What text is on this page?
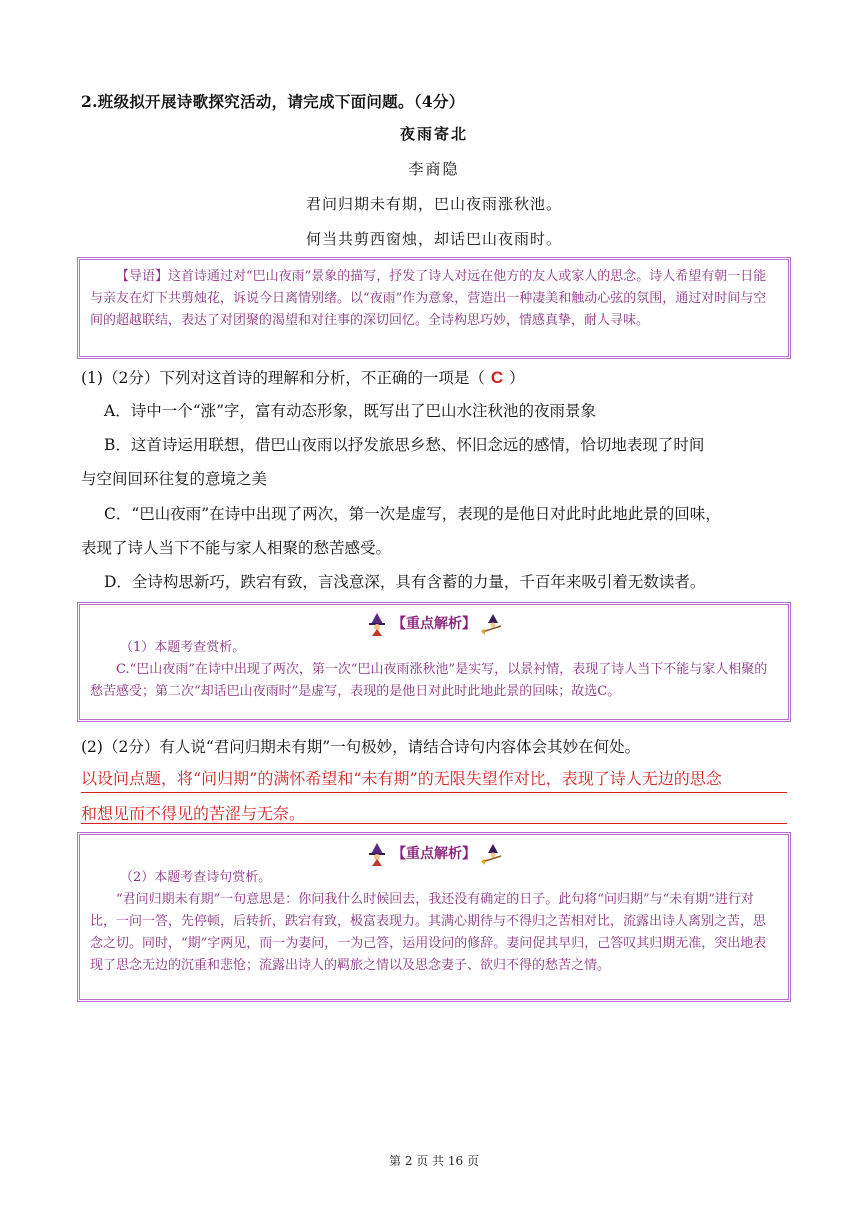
2.班级拟开展诗歌探究活动，请完成下面问题。（4分）
夜雨寄北
李商隐
君问归期未有期，巴山夜雨涨秋池。
何当共剪西窗烛，却话巴山夜雨时。
【导语】这首诗通过对“巴山夜雨”景象的描写，抒发了诗人对远在他方的友人或家人的思念。诗人希望有朝一日能与亲友在灯下共剪烛花，诉说今日离情别绪。以“夜雨”作为意象，营造出一种凄美和触动心弦的氛围，通过对时间与空间的超越联结，表达了对团聚的渴望和对往事的深切回忆。全诗构思巧妙，情感真挚，耐人寻味。
(1)（2分）下列对这首诗的理解和分析，不正确的一项是（ C ）
A．诗中一个“涨”字，富有动态形象，既写出了巴山水注秋池的夜雨景象
B．这首诗运用联想，借巴山夜雨以抒发旅思乡愁、怀旧念远的感情，恰切地表现了时间
与空间回环往复的意境之美
C．“巴山夜雨”在诗中出现了两次，第一次是虚写，表现的是他日对此时此地此景的回味，
表现了诗人当下不能与家人相聚的愁苦感受。
D．全诗构思新巧，跌宕有致，言浅意深，具有含蓄的力量，千百年来吸引着无数读者。
【重点解析】
（1）本题考查赏析。
C.“巴山夜雨”在诗中出现了两次，第一次“巴山夜雨涨秋池”是实写，以景衬情，表现了诗人当下不能与家人相聚的愁苦感受；第二次“却话巴山夜雨时”是虚写，表现的是他日对此时此地此景的回味；故选C。
(2)（2分）有人说“君问归期未有期”一句极妙，请结合诗句内容体会其妙在何处。
以设问点题，将“问归期”的满怀希望和“未有期”的无限失望作对比，表现了诗人无边的思念
和想见而不得见的苦涩与无奈。
【重点解析】
（2）本题考查诗句赏析。
“君问归期未有期”一句意思是：你问我什么时候回去，我还没有确定的日子。此句将“问归期”与“未有期”进行对比，一问一答，先停顿，后转折，跌宕有致，极富表现力。其满心期待与不得归之苦相对比，流露出诗人离别之苦，思念之切。同时，“期”字两见，而一为妻问，一为己答，运用设问的修辞。妻问促其早归，己答叹其归期无准，突出地表现了思念无边的沉重和悲怆；流露出诗人的羁旅之情以及思念妻子、欲归不得的愁苦之情。
第 2 页 共 16 页
